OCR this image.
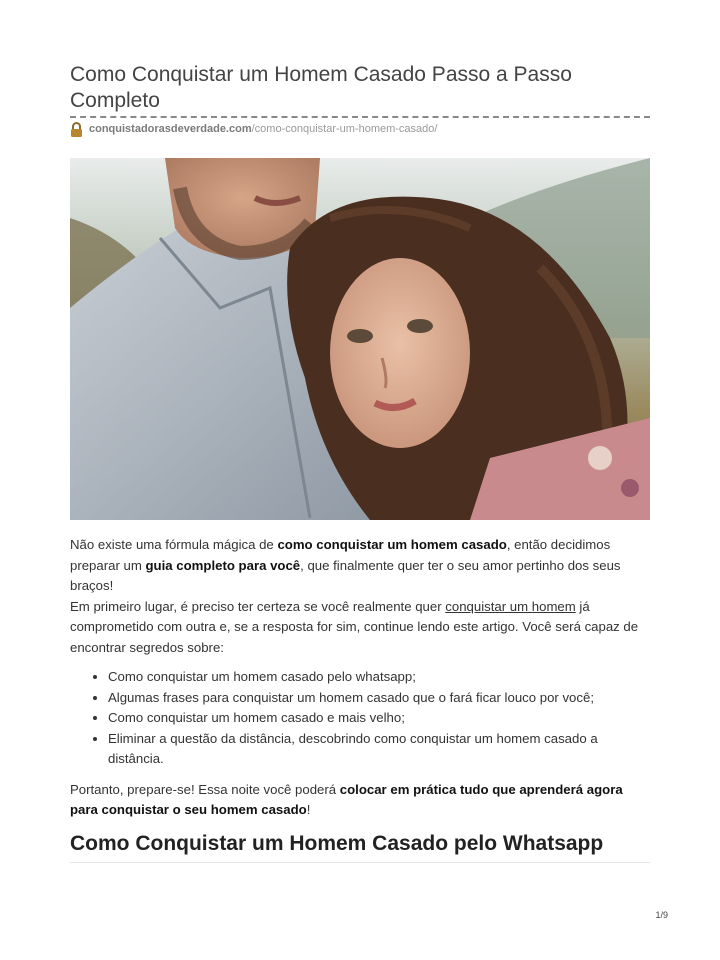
Como Conquistar um Homem Casado Passo a Passo Completo
conquistadorasdeverdade.com /como-conquistar-um-homem-casado/

Não existe uma fórmula mágica de como conquistar um homem casado, então decidimos preparar um guia completo para você, que finalmente quer ter o seu amor pertinho dos seus braços!

Em primeiro lugar, é preciso ter certeza se você realmente quer conquistar um homem já comprometido com outra e, se a resposta for sim, continue lendo este artigo. Você será capaz de encontrar segredos sobre:

• Como conquistar um homem casado pelo whatsapp;
• Algumas frases para conquistar um homem casado que o fará ficar louco por você;
• Como conquistar um homem casado e mais velho;
• Eliminar a questão da distância, descobrindo como conquistar um homem casado a distância.

Portanto, prepare-se! Essa noite você poderá colocar em prática tudo que aprenderá agora para conquistar o seu homem casado!

Como Conquistar um Homem Casado pelo Whatsapp
1/9
